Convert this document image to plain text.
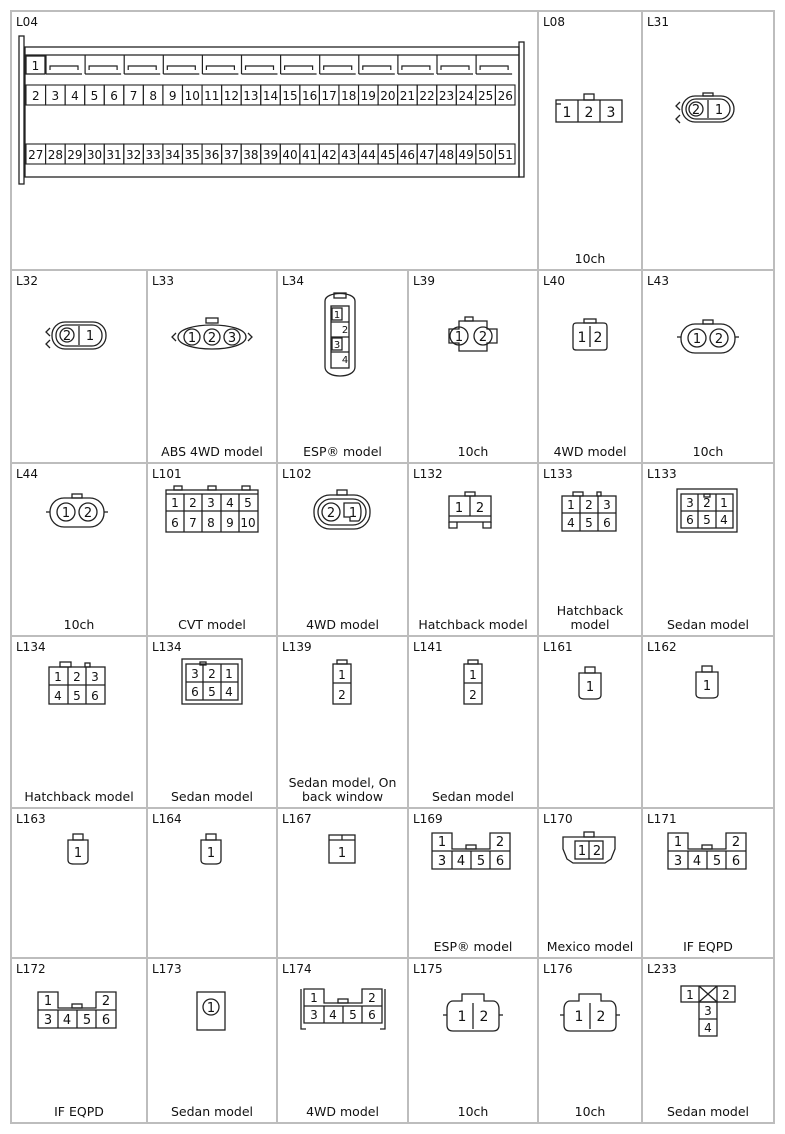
L04
2 3 4 5 6 7 8 9 10 11 12 13 14 15 16 17 18 19 20 21 22 23 24 25 26
27 28 29 30 31 32 33 34 35 36 37 38 39 40 41 42 43 44 45 46 47 48 49 50 51
1
L08
1 2 3
10ch
L31
2 1
L32
2 1
L33
1 2 3
ABS 4WD model
L34
1
2
3
4
ESP® model
L39
1 2
10ch
L40
1 2
4WD model
L43
1 2
10ch
L44
1 2
10ch
L101
1 2 3 4 5
6 7 8 9 10
CVT model
L102
2 1
4WD model
L132
1 2
Hatchback model
L133
1 2 3
4 5 6
Hatchback
model
L133
3 2 1
6 5 4
Sedan model
L134
1 2 3
4 5 6
Hatchback model
L134
3 2 1
6 5 4
Sedan model
L139
1
2
Sedan model, On
back window
L141
1
2
Sedan model
L161
1
L162
1
L163
1
L164
1
L167
1
L169
1	2
3 4 5 6
ESP® model
L170
1 2
Mexico model
L171
1	2
3 4 5 6
IF EQPD
L172
1	2
3 4 5 6
IF EQPD
L173
1
Sedan model
L174
1	2
3 4 5 6
4WD model
L175
1 2
10ch
L176
1 2
10ch
L233
1 2
3
4
Sedan model
